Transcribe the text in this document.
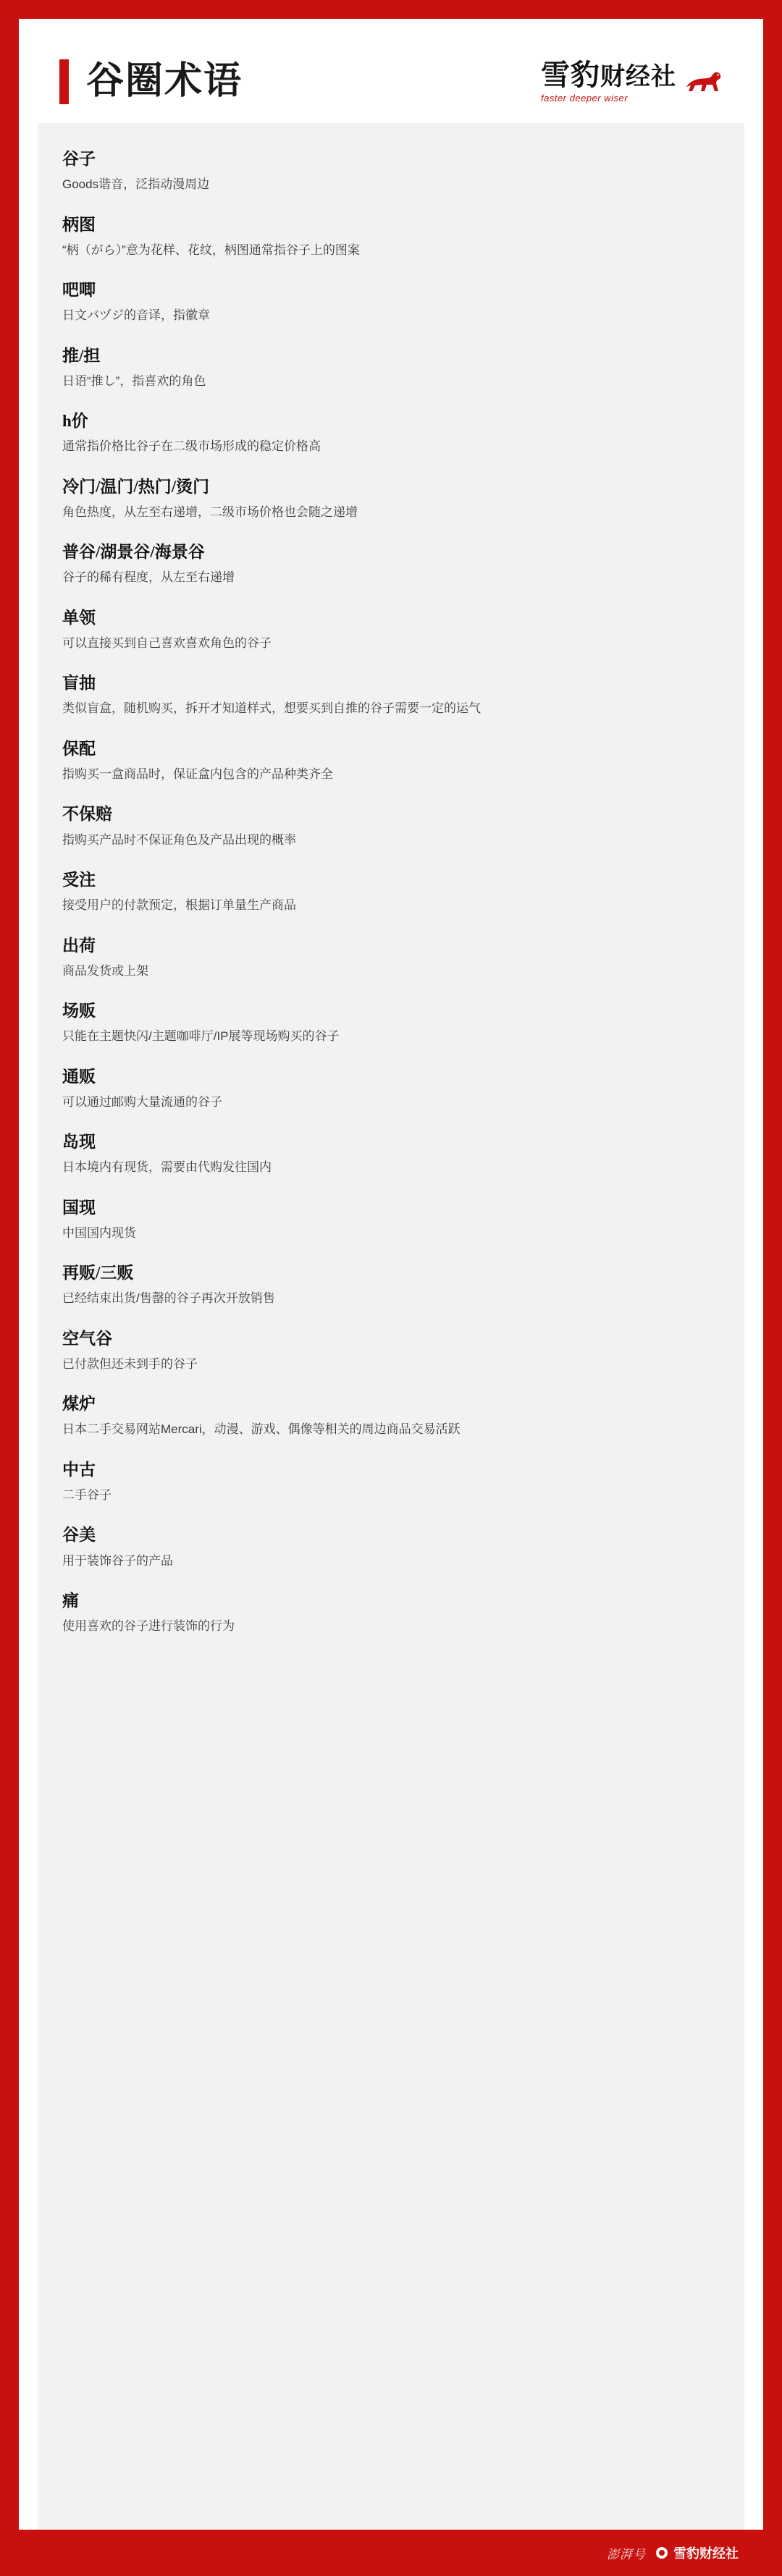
谷圈术语	雪豹财经社
faster deeper wiser
谷子
Goods谐音，泛指动漫周边
柄图
“柄（がら）”意为花样、花纹，柄图通常指谷子上的图案
吧唧
日文バヅジ的音译，指徽章
推/担
日语“推し”，指喜欢的角色
h价
通常指价格比谷子在二级市场形成的稳定价格高
冷门/温门/热门/烫门
角色热度，从左至右递增，二级市场价格也会随之递增
普谷/湖景谷/海景谷
谷子的稀有程度，从左至右递增
单领
可以直接买到自己喜欢喜欢角色的谷子
盲抽
类似盲盒，随机购买，拆开才知道样式，想要买到自推的谷子需要一定的运气
保配
指购买一盒商品时，保证盒内包含的产品种类齐全
不保赔
指购买产品时不保证角色及产品出现的概率
受注
接受用户的付款预定，根据订单量生产商品
出荷
商品发货或上架
场贩
只能在主题快闪/主题咖啡厅/IP展等现场购买的谷子
通贩
可以通过邮购大量流通的谷子
岛现
日本境内有现货，需要由代购发往国内
国现
中国国内现货
再贩/三贩
已经结束出货/售罄的谷子再次开放销售
空气谷
已付款但还未到手的谷子
煤炉
日本二手交易网站Mercari，动漫、游戏、偶像等相关的周边商品交易活跃
中古
二手谷子
谷美
用于装饰谷子的产品
痛
使用喜欢的谷子进行装饰的行为
澎湃号 雪豹财经社
